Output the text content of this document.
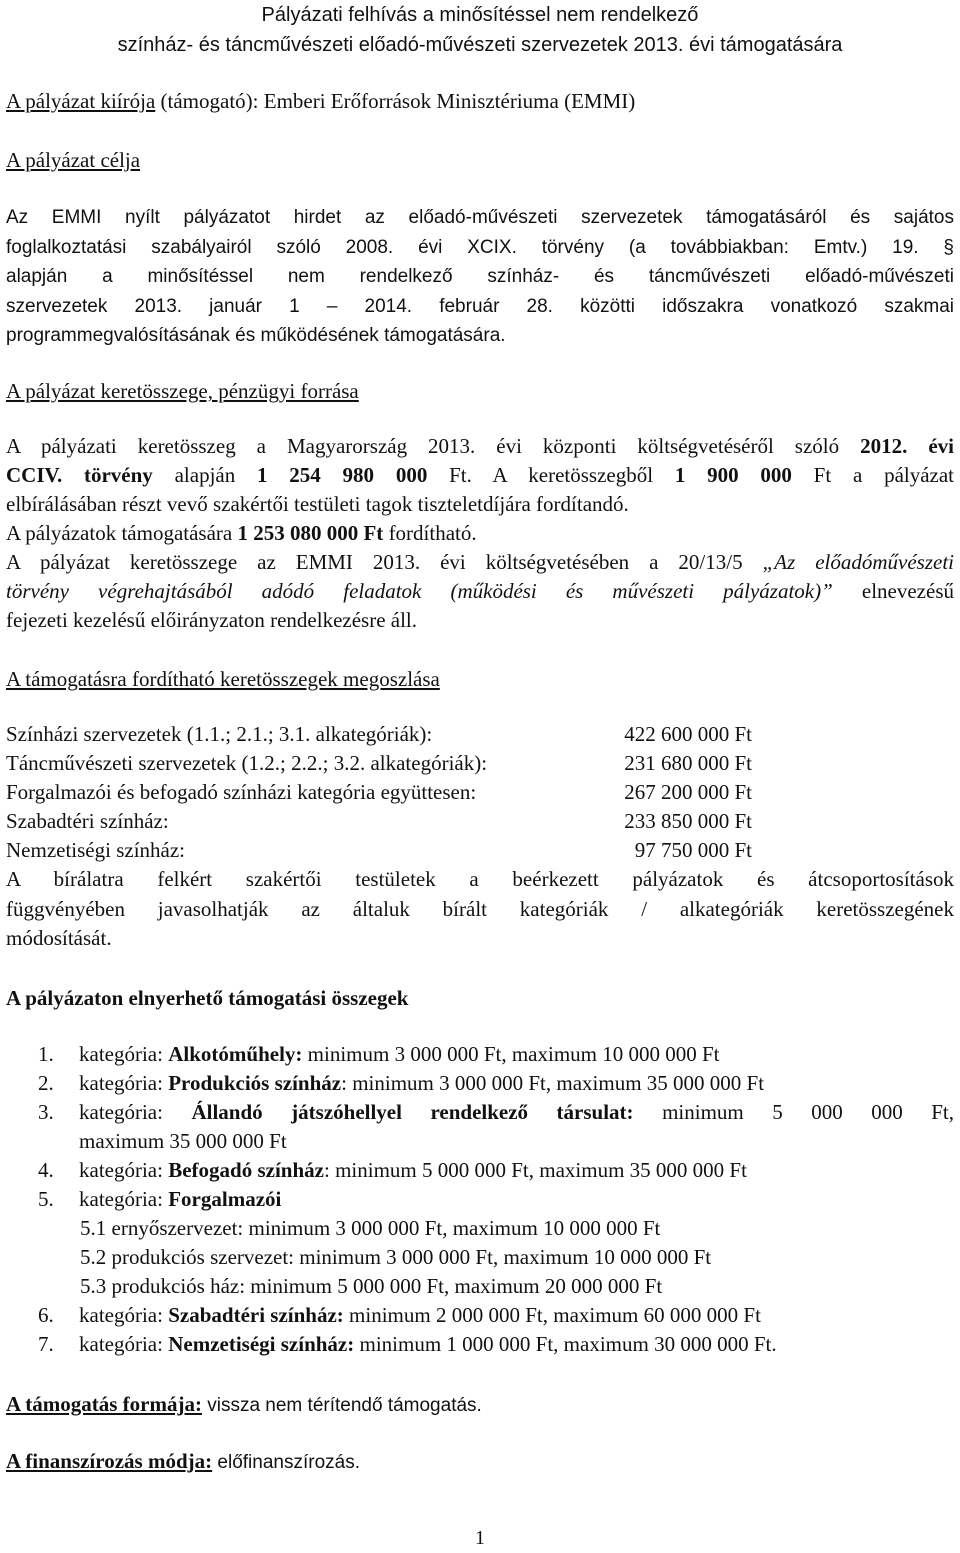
Pályázati felhívás a minősítéssel nem rendelkező
színház- és táncművészeti előadó-művészeti szervezetek 2013. évi támogatására
A pályázat kiírója (támogató): Emberi Erőforrások Minisztériuma (EMMI)
A pályázat célja
Az EMMI nyílt pályázatot hirdet az előadó-művészeti szervezetek támogatásáról és sajátos
foglalkoztatási szabályairól szóló 2008. évi XCIX. törvény (a továbbiakban: Emtv.) 19. §
alapján a minősítéssel nem rendelkező színház- és táncművészeti előadó-művészeti
szervezetek 2013. január 1 – 2014. február 28. közötti időszakra vonatkozó szakmai
programmegvalósításának és működésének támogatására.
A pályázat keretösszege, pénzügyi forrása
A pályázati keretösszeg a Magyarország 2013. évi központi költségvetéséről szóló 2012. évi
CCIV. törvény alapján 1 254 980 000 Ft. A keretösszegből 1 900 000 Ft a pályázat
elbírálásában részt vevő szakértői testületi tagok tiszteletdíjára fordítandó.
A pályázatok támogatására 1 253 080 000 Ft fordítható.
A pályázat keretösszege az EMMI 2013. évi költségvetésében a 20/13/5 „Az előadóművészeti
törvény végrehajtásából adódó feladatok (működési és művészeti pályázatok)” elnevezésű
fejezeti kezelésű előirányzaton rendelkezésre áll.
A támogatásra fordítható keretösszegek megoszlása
Színházi szervezetek (1.1.; 2.1.; 3.1. alkategóriák):	422 600 000 Ft
Táncművészeti szervezetek (1.2.; 2.2.; 3.2. alkategóriák):	231 680 000 Ft
Forgalmazói és befogadó színházi kategória együttesen:	267 200 000 Ft
Szabadtéri színház:	233 850 000 Ft
Nemzetiségi színház:	97 750 000 Ft
A bírálatra felkért szakértői testületek a beérkezett pályázatok és átcsoportosítások
függvényében javasolhatják az általuk bírált kategóriák / alkategóriák keretösszegének
módosítását.
A pályázaton elnyerhető támogatási összegek
1. kategória: Alkotóműhely: minimum 3 000 000 Ft, maximum 10 000 000 Ft
2. kategória: Produkciós színház: minimum 3 000 000 Ft, maximum 35 000 000 Ft
3. kategória: Állandó játszóhellyel rendelkező társulat: minimum 5 000 000 Ft,
maximum 35 000 000 Ft
4. kategória: Befogadó színház: minimum 5 000 000 Ft, maximum 35 000 000 Ft
5. kategória: Forgalmazói
5.1 ernyőszervezet: minimum 3 000 000 Ft, maximum 10 000 000 Ft
5.2 produkciós szervezet: minimum 3 000 000 Ft, maximum 10 000 000 Ft
5.3 produkciós ház: minimum 5 000 000 Ft, maximum 20 000 000 Ft
6. kategória: Szabadtéri színház: minimum 2 000 000 Ft, maximum 60 000 000 Ft
7. kategória: Nemzetiségi színház: minimum 1 000 000 Ft, maximum 30 000 000 Ft.
A támogatás formája: vissza nem térítendő támogatás.
A finanszírozás módja: előfinanszírozás.
1
